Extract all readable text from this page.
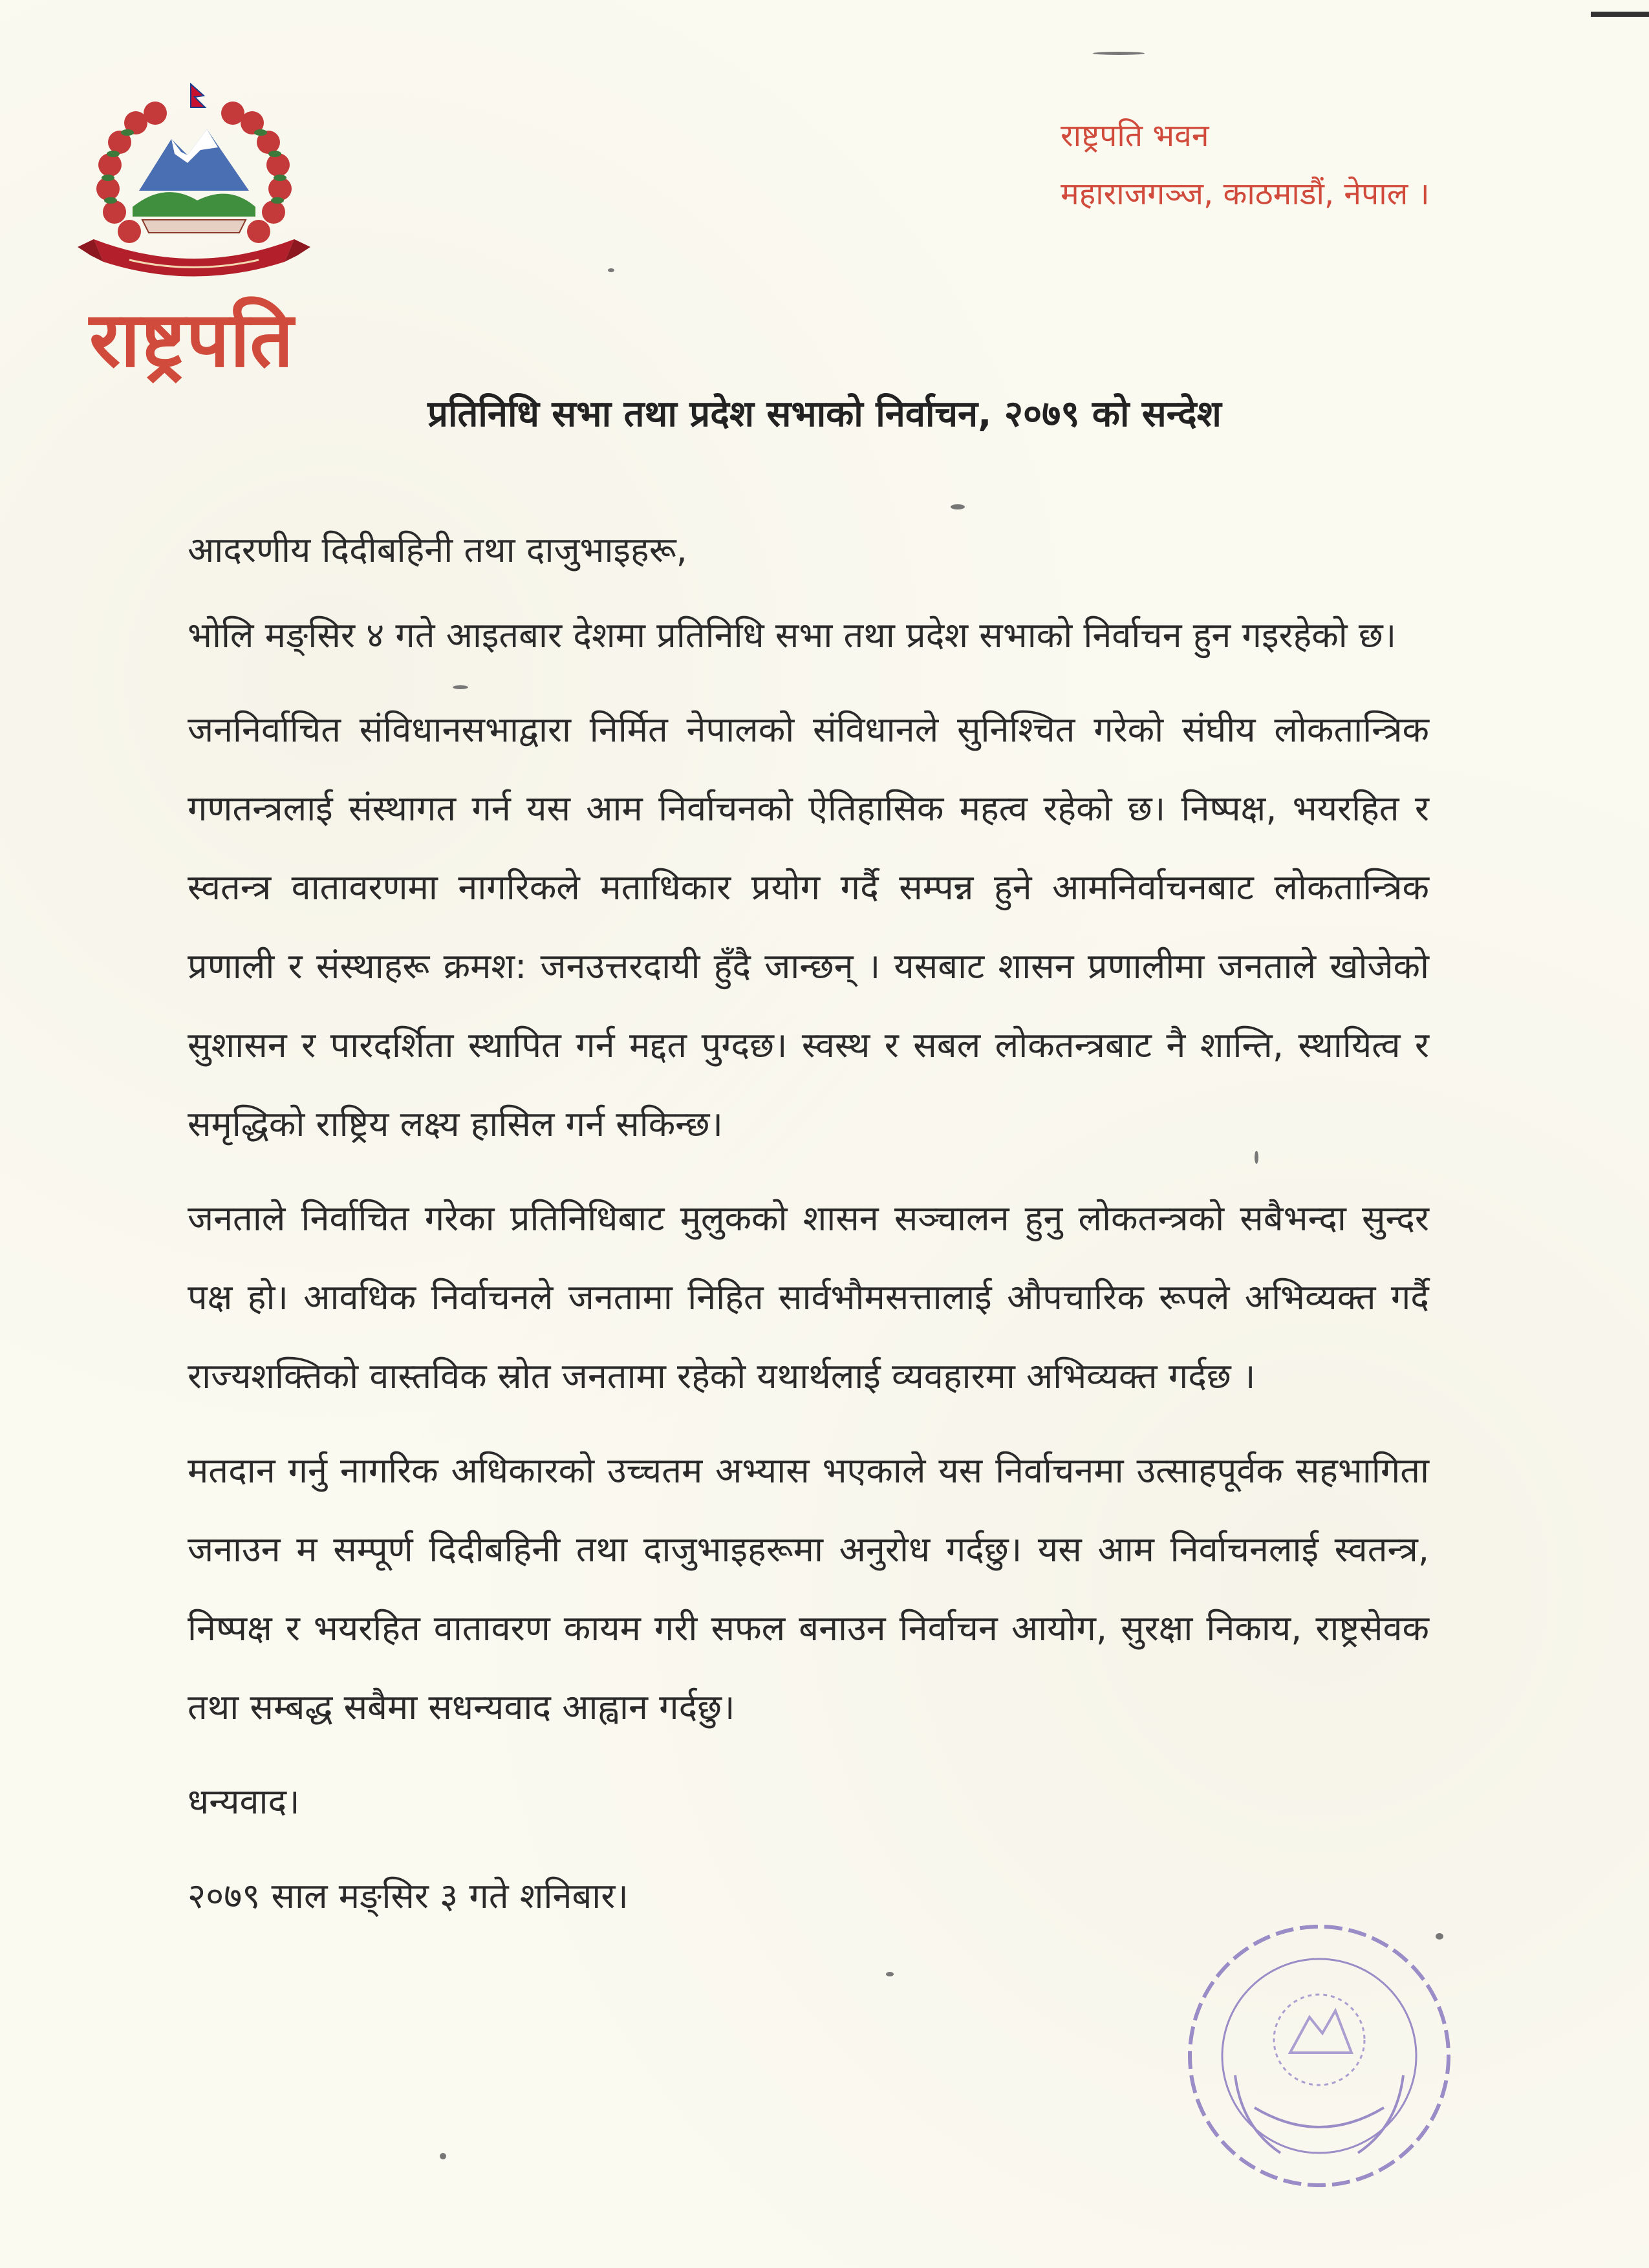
राष्ट्रपति
राष्ट्रपति भवन
महाराजगञ्ज, काठमाडौं, नेपाल ।
प्रतिनिधि सभा तथा प्रदेश सभाको निर्वाचन, २०७९ को सन्देश

आदरणीय दिदीबहिनी तथा दाजुभाइहरू,

भोलि मङ्सिर ४ गते आइतबार देशमा प्रतिनिधि सभा तथा प्रदेश सभाको निर्वाचन हुन गइरहेको छ।

जननिर्वाचित संविधानसभाद्वारा निर्मित नेपालको संविधानले सुनिश्चित गरेको संघीय लोकतान्त्रिक गणतन्त्रलाई संस्थागत गर्न यस आम निर्वाचनको ऐतिहासिक महत्व रहेको छ। निष्पक्ष, भयरहित र स्वतन्त्र वातावरणमा नागरिकले मताधिकार प्रयोग गर्दै सम्पन्न हुने आमनिर्वाचनबाट लोकतान्त्रिक प्रणाली र संस्थाहरू क्रमश: जनउत्तरदायी हुँदै जान्छन् । यसबाट शासन प्रणालीमा जनताले खोजेको सुशासन र पारदर्शिता स्थापित गर्न मद्दत पुग्दछ। स्वस्थ र सबल लोकतन्त्रबाट नै शान्ति, स्थायित्व र समृद्धिको राष्ट्रिय लक्ष्य हासिल गर्न सकिन्छ।

जनताले निर्वाचित गरेका प्रतिनिधिबाट मुलुकको शासन सञ्चालन हुनु लोकतन्त्रको सबैभन्दा सुन्दर पक्ष हो। आवधिक निर्वाचनले जनतामा निहित सार्वभौमसत्तालाई औपचारिक रूपले अभिव्यक्त गर्दै राज्यशक्तिको वास्तविक स्रोत जनतामा रहेको यथार्थलाई व्यवहारमा अभिव्यक्त गर्दछ ।

मतदान गर्नु नागरिक अधिकारको उच्चतम अभ्यास भएकाले यस निर्वाचनमा उत्साहपूर्वक सहभागिता जनाउन म सम्पूर्ण दिदीबहिनी तथा दाजुभाइहरूमा अनुरोध गर्दछु। यस आम निर्वाचनलाई स्वतन्त्र, निष्पक्ष र भयरहित वातावरण कायम गरी सफल बनाउन निर्वाचन आयोग, सुरक्षा निकाय, राष्ट्रसेवक तथा सम्बद्ध सबैमा सधन्यवाद आह्वान गर्दछु।

धन्यवाद।

२०७९ साल मङ्सिर ३ गते शनिबार।
